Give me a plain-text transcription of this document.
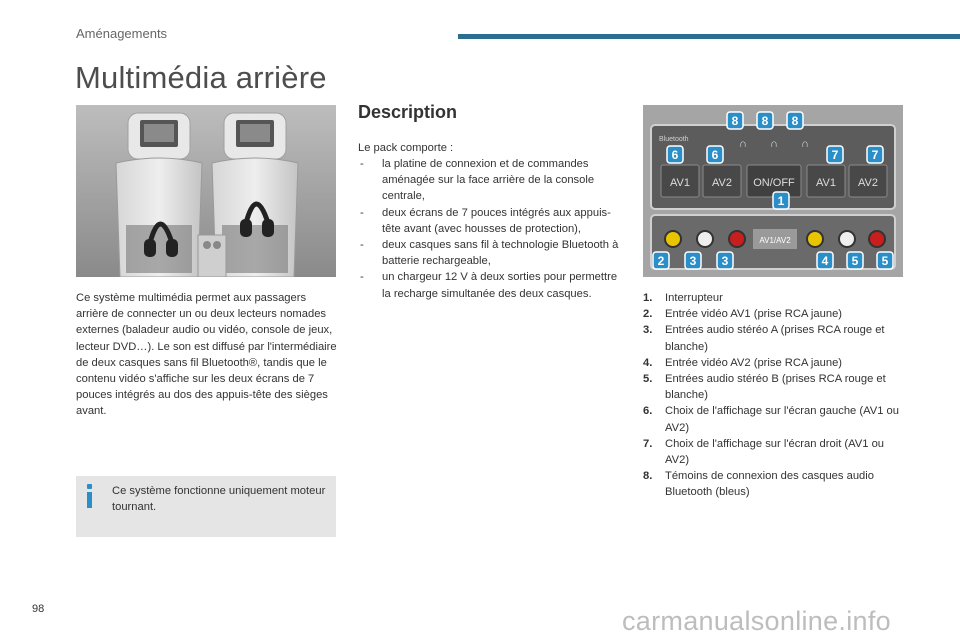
Aménagements
Multimédia arrière
Ce système multimédia permet aux passagers arrière de connecter un ou deux lecteurs nomades externes (baladeur audio ou vidéo, console de jeux, lecteur DVD…). Le son est diffusé par l'intermédiaire de deux casques sans fil Bluetooth®, tandis que le contenu vidéo s'affiche sur les deux écrans de 7 pouces intégrés au dos des appuis-tête des sièges avant.
Ce système fonctionne uniquement moteur tournant.
Description
Le pack comporte :
- la platine de connexion et de commandes aménagée sur la face arrière de la console centrale,
- deux écrans de 7 pouces intégrés aux appuis-tête avant (avec housses de protection),
- deux casques sans fil à technologie Bluetooth à batterie rechargeable,
- un chargeur 12 V à deux sorties pour permettre la recharge simultanée des deux casques.
Bluetooth	∩ ∩ ∩
AV1 AV2 ON/OFF AV1 AV2
AV1/AV2
8 8 8
6	6	7	7
1
2 3 3	4 5 5
1. Interrupteur
2. Entrée vidéo AV1 (prise RCA jaune)
3. Entrées audio stéréo A (prises RCA rouge et blanche)
4. Entrée vidéo AV2 (prise RCA jaune)
5. Entrées audio stéréo B (prises RCA rouge et blanche)
6. Choix de l'affichage sur l'écran gauche (AV1 ou AV2)
7. Choix de l'affichage sur l'écran droit (AV1 ou AV2)
8. Témoins de connexion des casques audio Bluetooth (bleus)
98	carmanualsonline.info
